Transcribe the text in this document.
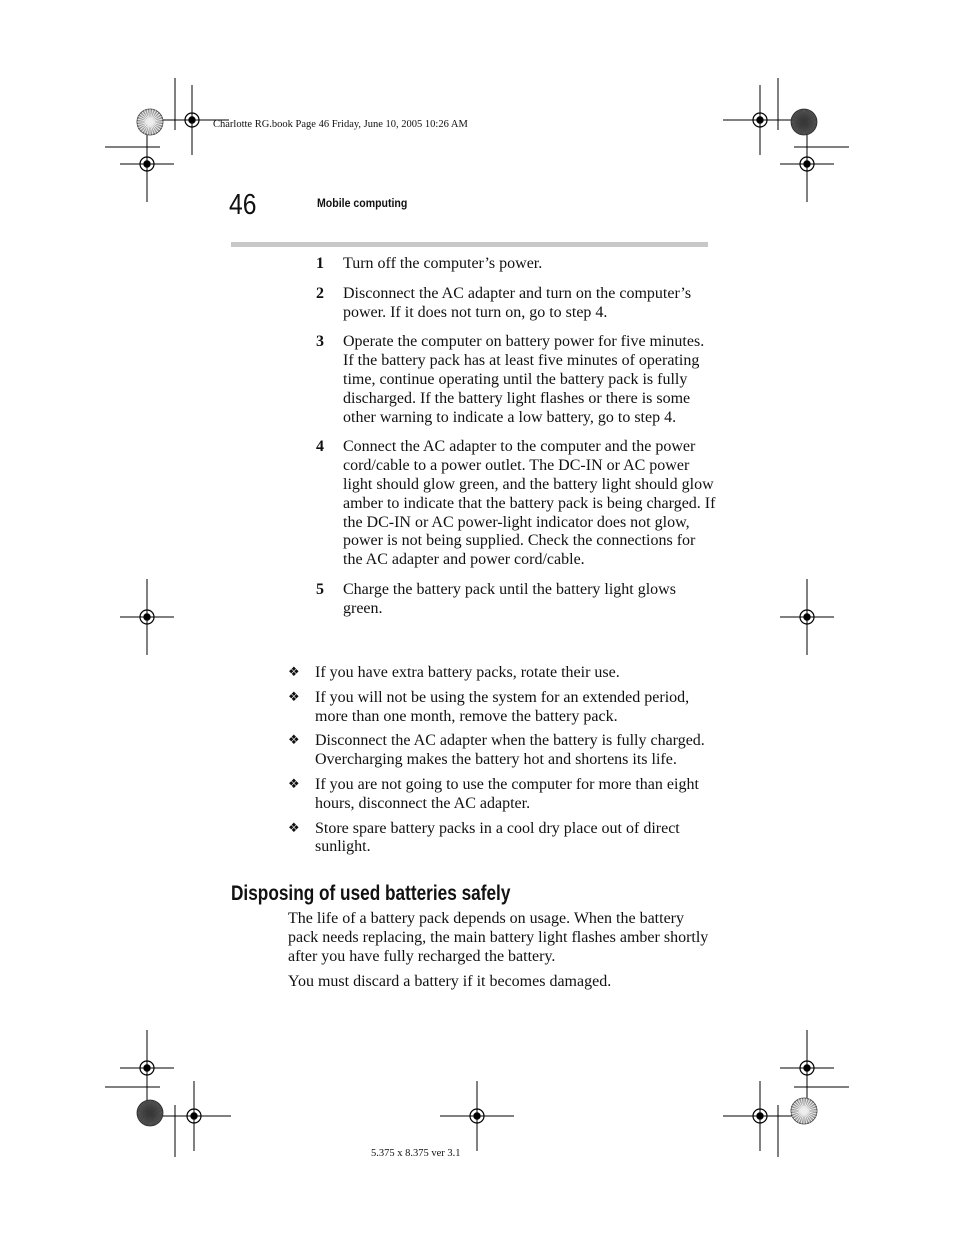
Charlotte RG.book Page 46 Friday, June 10, 2005 10:26 AM
46	Mobile computing
1 Turn off the computer’s power.
2 Disconnect the AC adapter and turn on the computer’s power. If it does not turn on, go to step 4.
3 Operate the computer on battery power for five minutes. If the battery pack has at least five minutes of operating time, continue operating until the battery pack is fully discharged. If the battery light flashes or there is some other warning to indicate a low battery, go to step 4.
4 Connect the AC adapter to the computer and the power cord/cable to a power outlet. The DC-IN or AC power light should glow green, and the battery light should glow amber to indicate that the battery pack is being charged. If the DC-IN or AC power-light indicator does not glow, power is not being supplied. Check the connections for the AC adapter and power cord/cable.
5 Charge the battery pack until the battery light glows green.
❖ If you have extra battery packs, rotate their use.
❖ If you will not be using the system for an extended period, more than one month, remove the battery pack.
❖ Disconnect the AC adapter when the battery is fully charged. Overcharging makes the battery hot and shortens its life.
❖ If you are not going to use the computer for more than eight hours, disconnect the AC adapter.
❖ Store spare battery packs in a cool dry place out of direct sunlight.
Disposing of used batteries safely

The life of a battery pack depends on usage. When the battery pack needs replacing, the main battery light flashes amber shortly after you have fully recharged the battery.

You must discard a battery if it becomes damaged.

5.375 x 8.375 ver 3.1
